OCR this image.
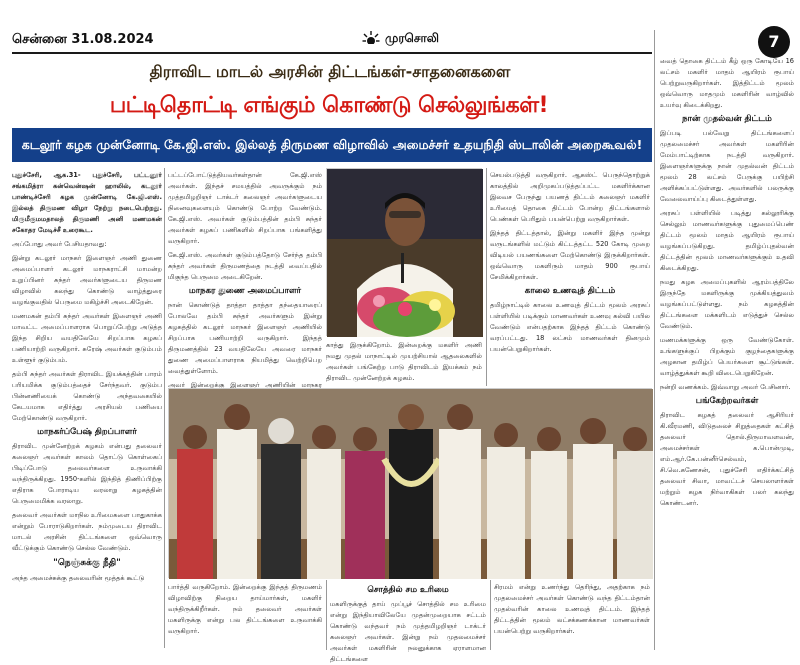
சென்னை 31.08.2024	முரசொலி	7
திராவிட மாடல் அரசின் திட்டங்கள்-சாதனைகளை
பட்டிதொட்டி எங்கும் கொண்டு செல்லுங்கள்!
கடலூர் கழக முன்னோடி கே.ஜி.எஸ். இல்லத் திருமண விழாவில் அமைச்சர் உதயநிதி ஸ்டாலின் அறைகூவல்!

புதுச்சேரி, ஆக.31- புதுச்சேரி, பட்டனூர் சங்கமித்ரா கன்வென்ஷன் ஹாலில், கடலூர் பாண்டிச்சேரி கழக முன்னோடி கே.ஜி.எஸ். இல்லத் திருமண விழா நேற்று நடைபெற்றது. மிருமீகுமமதாலத் திருமணி அனி மணமகன் சகோதர மேடிச்சீ உரைகூட.

அப்போது அவர் பேசியதாவது:

இன்று கடலூர் மாநகர் இளைஞர் அணி துணை அமைப்பாளர் கடலூர் மாநகராட்சி மாமன்ற உறுப்பினர் சுந்தர் அவர்களுடைய திருமண விழாவில் கலந்து கொண்டு வாழ்த்துரை வழங்குவதில் பெருமை மகிழ்ச்சி அடைகிறேன்.

மணமகன் தம்பி சுந்தர் அவர்கள் இளைஞர் அணி மாவட்ட அமைப்பாளராக பொறுப்பேற்று அடுத்த இந்த சிறிய வயதிலேயே சிறப்பாக கழகப் பணியாற்றி வருகிறார். சுரேஷ் அவர்கள் குடும்பம் உள்ளூர் குடும்பம்.

தம்பி சுந்தர் அவர்கள் திராவிட இயக்கத்தின் பாரம் பரியமிக்க குடும்பத்தைச் சேர்ந்தவர். குடும்ப பின்னணியைக் கொண்டு அந்தவகையில் கேடயமாக எதிர்த்து அரசியல் பணியை மேற்கொண்டு வருகிறார்.

மாநகர்ப்பேஷ் திறப்பாளர்

திராவிட முன்னேற்றக் கழகம் என்பது தலைவர் கலைஞர் அவர்கள் காலம் தொட்டு கொள்கைப் பிடிப்போடு தலைவர்களை உருவாக்கி வந்திருக்கிறது. 1950-களில் இந்தித் திணிப்பிற்கு எதிராக போராடிய வரலாறு கழகத்தின் பெருமைமிக்க வரலாறு.

தலைவர் அவர்கள் மாநில உரிமைகளை பாதுகாக்க என்றும் போராடுகிறார்கள். நம்முடைய திராவிட மாடல் அரசின் திட்டங்களை ஒவ்வொரு வீட்டுக்கும் கொண்டு செல்ல வேண்டும்.

"நெஞ்சுக்கு நீதி"

அந்த அமைச்சுக்கு தலைவரின் மூத்தக் கூட்டு

பட்டப்போட்டுத்தியவர்கள்தான் கே.ஜி.எஸ் அவர்கள். இந்தச் சமயத்தில் அவருக்கும் நம் முத்தமிழறிஞர் டாக்டர் கலைஞர் அவர்களுடைய நினைவுகளையும் கொண்டு போற்ற வேண்டும். கே.ஜி.எஸ். அவர்கள் குடும்பத்தின் தம்பி சுந்தர் அவர்கள் கழகப் பணிகளில் சிறப்பாக பங்களித்து வருகிறார்.

கே.ஜி.எஸ். அவர்கள் குடும்பத்தோடு சேர்ந்த தம்பி சுந்தர் அவர்கள் திருமணத்தை நடத்தி வைப்பதில் மிகுந்த பெருமை அடைகிறேன்.

மாநகர துணை அமைப்பாளர்

நான் கொண்டுத் தாத்தா தாத்தா தந்தையாரைப் போலவே தம்பி சுந்தர் அவர்களும் இன்று கழகத்தில் கடலூர் மாநகர் இளைஞர் அணியில் சிறப்பாக பணியாற்றி வருகிறார். இந்தத் திருமணத்தில் 23 வயதிலேயே அவரை மாநகர் துணை அமைப்பாளராக நியமித்து வெற்றிபெற வைத்துள்ளோம்.

அவர் இன்றைக்கு இளைஞர் அணியின் மாநகர

காத்து இருக்கிறோம். இன்றைக்கு மகளிர் அணி நமது முதல் மாநாட்டில் முயற்சியால் ஆதலைகளில் அவர்கள் பங்கேற்ற பாடு திராவிடம் இயக்கம் நம் திராவிட முன்னேற்றக் கழகம்.

செயல்படுத்தி வருகிறார். ஆகஸ்ட் பெருந்தொற்றுக் காலத்தில் அறிமுகப்படுத்தப்பட்ட மகளிர்க்கான இலவச பேருந்து பயணத் திட்டம் கலைஞர் மகளிர் உரிமைத் தொகை திட்டம் போன்ற திட்டங்களால் பெண்கள் பெரிதும் பயன்பெற்று வருகிறார்கள்.

இந்தத் திட்டத்தால், இன்று மகளிர் இந்த முன்று வருடங்களில் மட்டும் கிட்டத்தட்ட 520 கோடி முறை விடியல் பயணங்களை மேற்கொண்டு இருக்கிறார்கள். ஒவ்வொரு மகளிரும் மாதம் 900 ரூபாய் சேமிக்கிறார்கள்.

காலை உணவுத் திட்டம்

தமிழ்நாட்டில் காலை உணவுத் திட்டம் மூலம் அரசுப் பள்ளியில் படிக்கும் மாணவர்கள் உணவு கல்வி பயில வேண்டும் என்பதற்காக இந்தத் திட்டம் கொண்டு வரப்பட்டது. 18 லட்சம் மாணவர்கள் தினமும் பயன்பெறுகிறார்கள்.

வைத் தொகை திட்டம் கீழ் ஒரு கோடியே 16 லட்சம் மகளிர் மாதம் ஆயிரம் ரூபாய் பெற்றுவருகிறார்கள். இத்திட்டம் மூலம் ஒவ்வொரு மாதமும் மகளிரின் வாழ்வில் உயர்வு கிடைக்கிறது.

நான் முதல்வன் திட்டம்

இப்படி பல்வேறு திட்டங்களைப் முதலமைச்சர் அவர்கள் மகளிரின் மேம்பாட்டிற்காக நடத்தி வருகிறார். இளைஞர்களுக்கு நான் முதல்வன் திட்டம் மூலம் 28 லட்சம் பேருக்கு பயிற்சி அளிக்கப்பட்டுள்ளது. அவர்களில் பலருக்கு வேலைவாய்ப்பு கிடைத்துள்ளது.

அரசுப் பள்ளியில் படித்து கல்லூரிக்கு செல்லும் மாணவர்களுக்கு புதுமைப்பெண் திட்டம் மூலம் மாதம் ஆயிரம் ரூபாய் வழங்கப்படுகிறது. தமிழ்ப்புதல்வன் திட்டத்தின் மூலம் மாணவர்களுக்கும் உதவி கிடைக்கிறது.

நமது கழக அமைப்புகளில் ஆரம்பத்திலே இருந்தே மகளிருக்கு முக்கியத்துவம் வழங்கப்பட்டுள்ளது. நம் கழகத்தின் திட்டங்களை மக்களிடம் எடுத்துச் செல்ல வேண்டும்.

மணமக்களுக்கு ஒரு வேண்டுகோள். உங்களுக்குப் பிறக்கும் குழந்தைகளுக்கு அழகான தமிழ்ப் பெயர்களை சூட்டுங்கள். வாழ்த்துக்கள் கூறி விடைபெறுகிறேன்.

நன்றி வணக்கம். இவ்வாறு அவர் பேசினார்.

பங்கேற்றவர்கள்

திராவிட கழகத் தலைவர் ஆசிரியர் கி.வீரமணி, விடுதலைச் சிறுத்தைகள் கட்சித் தலைவர் தொல்.திருமாவளவன், அமைச்சர்கள் க.பொன்முடி, எம்.ஆர்.கே.பன்னீர்செல்வம், சி.வெ.கணேசன், புதுச்சேரி எதிர்க்கட்சித் தலைவர் சிவா, மாவட்டச் செயலாளர்கள் மற்றும் கழக நிர்வாகிகள் பலர் கலந்து கொண்டனர்.

பார்த்தி வருகிறோம். இன்றைக்கு இந்தத் திருமணம் விழாவிற்கு நிறைய தாய்மார்கள், மகளிர் வந்திருக்கிறீர்கள். நம் தலைவர் அவர்கள் மகளிருக்கு என்று பல திட்டங்களை உருவாக்கி வருகிறார்.

சொத்தில் சம உரிமை

மகளிருக்குத் தாய் முப்பூச் சொத்தில் சம உரிமை என்று இந்தியாவிலேயே முதன்முறையாக சட்டம் கொண்டு வந்தவர் நம் முத்தமிழறிஞர் டாக்டர் கலைஞர் அவர்கள். இன்று நம் முதலமைச்சர் அவர்கள் மகளிரின் நலனுக்காக ஏராளமான திட்டங்களை

சிரமம் என்று உணர்ந்து தெரிந்து, அதற்காக நம் முதலமைச்சர் அவர்கள் கொண்டு வந்த திட்டம்தான் முதல்வரின் காலை உணவுத் திட்டம். இந்தத் திட்டத்தின் மூலம் லட்சக்கணக்கான மாணவர்கள் பயன்பெற்று வருகிறார்கள்.
